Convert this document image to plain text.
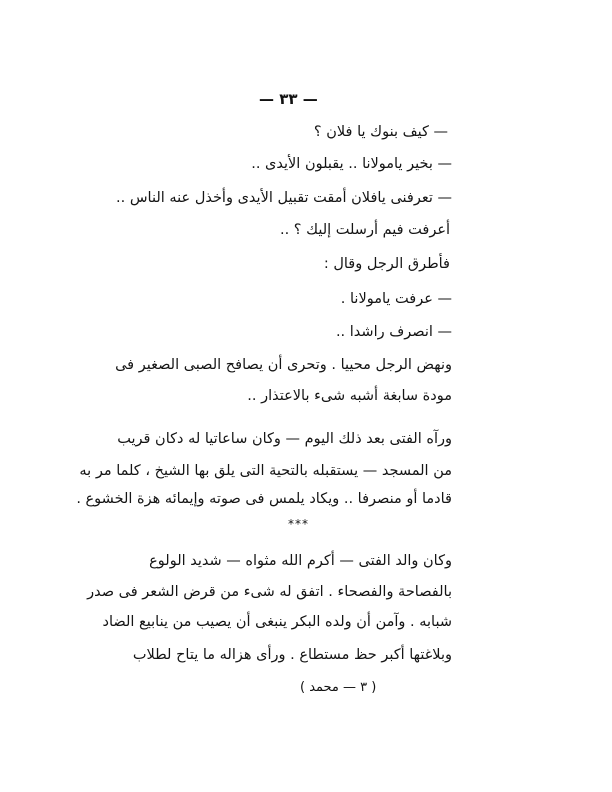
— ٣٣ —
— كيف بنوك يا فلان ؟
— بخير يامولانا .. يقبلون الأيدى ..
— تعرفنى يافلان أمقت تقبيل الأيدى وأخذل عنه الناس ..
أعرفت فيم أرسلت إليك ؟ ..
فأطرق الرجل وقال :
— عرفت يامولانا .
— انصرف راشدا ..
ونهض الرجل محييا . وتحرى أن يصافح الصبى الصغير فى
مودة سابغة أشبه شىء بالاعتذار ..
ورآه الفتى بعد ذلك اليوم — وكان ساعاتيا له دكان قريب
من المسجد — يستقبله بالتحية التى يلق بها الشيخ ، كلما مر به
قادما أو منصرفا .. ويكاد يلمس فى صوته وإيمائه هزة الخشوع .
***
وكان والد الفتى — أكرم الله مثواه — شديد الولوع
بالفصاحة والفصحاء . اتفق له شىء من قرض الشعر فى صدر
شبابه . وآمن أن ولده البكر ينبغى أن يصيب من ينابيع الضاد
وبلاغتها أكبر حظ مستطاع . ورأى هزاله ما يتاح لطلاب
( ٣ — محمد )
